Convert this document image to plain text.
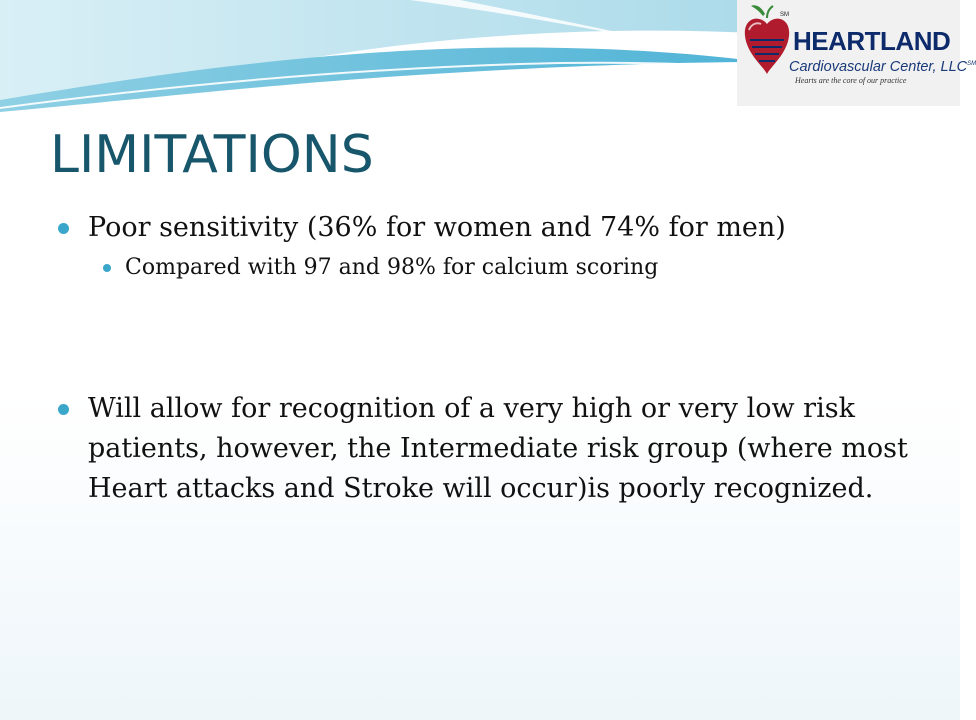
SM
HEARTLAND
Cardiovascular Center, LLC℠
Hearts are the core of our practice
LIMITATIONS
Poor sensitivity (36% for women and 74% for men)
Compared with 97 and 98% for calcium scoring
Will allow for recognition of a very high or very low risk patients, however, the Intermediate risk group (where most Heart attacks and Stroke will occur)is poorly recognized.
